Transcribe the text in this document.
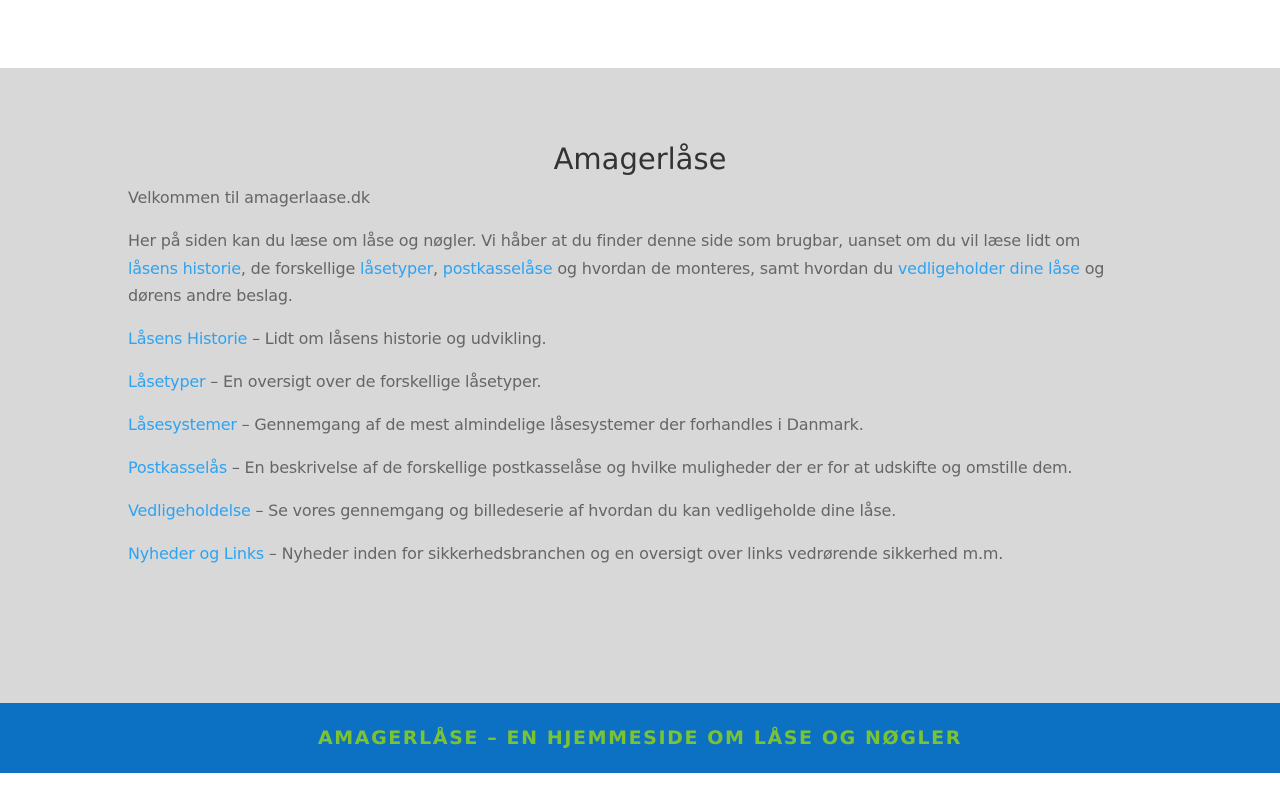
Amagerlåse

Velkommen til amagerlaase.dk

Her på siden kan du læse om låse og nøgler. Vi håber at du finder denne side som brugbar, uanset om du vil læse lidt om låsens historie, de forskellige låsetyper, postkasselåse og hvordan de monteres, samt hvordan du vedligeholder dine låse og dørens andre beslag.

Låsens Historie – Lidt om låsens historie og udvikling.

Låsetyper – En oversigt over de forskellige låsetyper.

Låsesystemer – Gennemgang af de mest almindelige låsesystemer der forhandles i Danmark.

Postkasselås – En beskrivelse af de forskellige postkasselåse og hvilke muligheder der er for at udskifte og omstille dem.

Vedligeholdelse – Se vores gennemgang og billedeserie af hvordan du kan vedligeholde dine låse.

Nyheder og Links – Nyheder inden for sikkerhedsbranchen og en oversigt over links vedrørende sikkerhed m.m.

AMAGERLÅSE – EN HJEMMESIDE OM LÅSE OG NØGLER
